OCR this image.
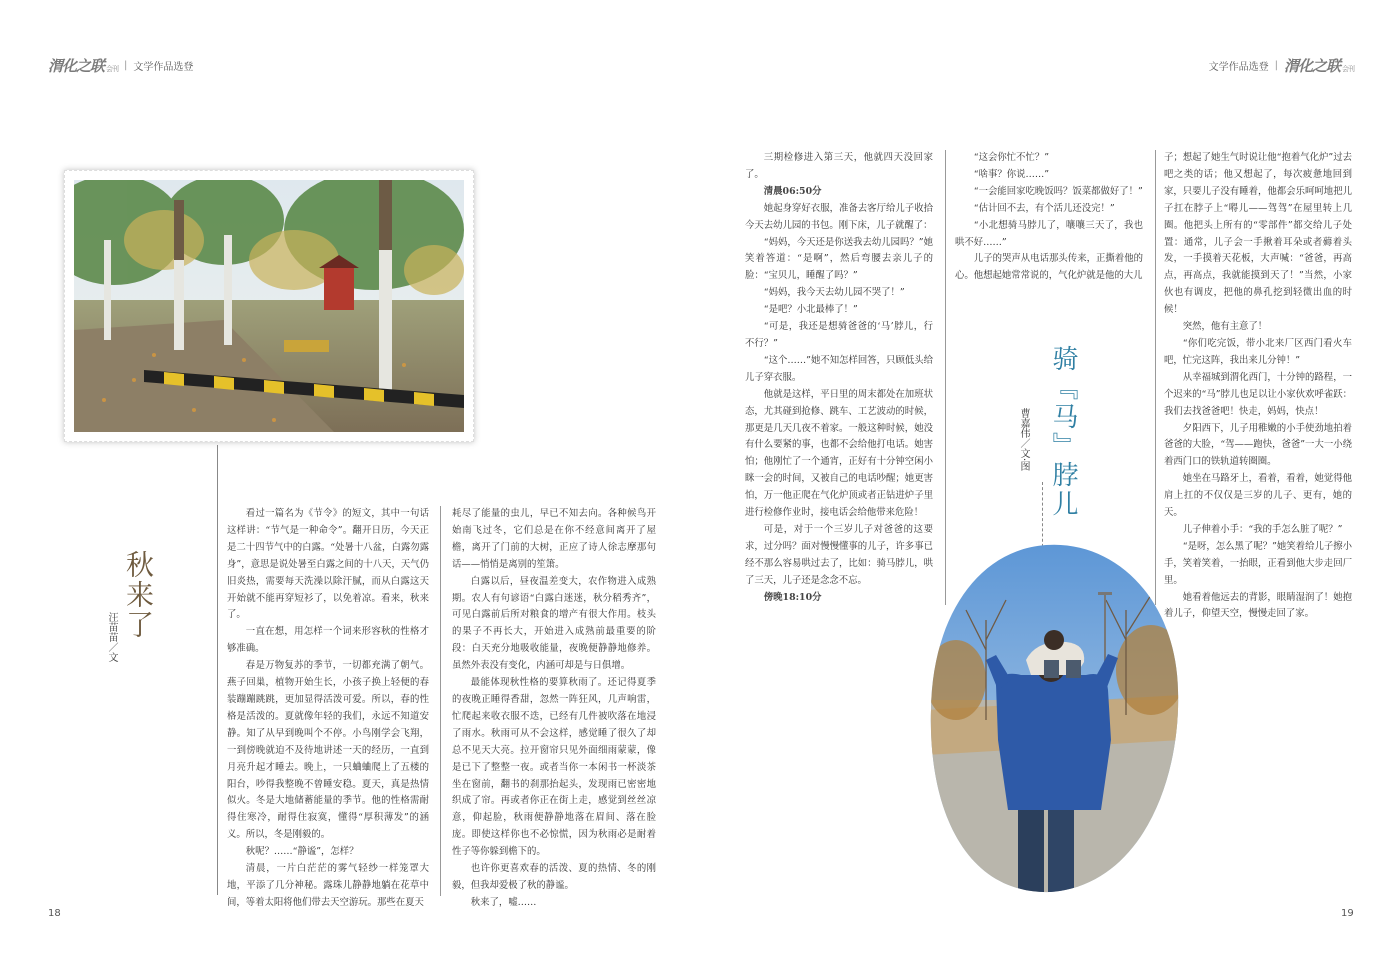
渭化之联 会刊 | 文学作品选登	文学作品选登 | 渭化之联 会刊
秋来了
汪苗苗／文

看过一篇名为《节令》的短文，其中一句话这样讲：“节气是一种命令”。翻开日历，今天正是二十四节气中的白露。“处暑十八盆，白露勿露身”，意思是说处暑至白露之间的十八天，天气仍旧炎热，需要每天洗澡以除汗腻，而从白露这天开始就不能再穿短衫了，以免着凉。看来，秋来了。

一直在想，用怎样一个词来形容秋的性格才够准确。

春是万物复苏的季节，一切都充满了朝气。燕子回巢，植物开始生长，小孩子换上轻便的春装蹦蹦跳跳，更加显得活泼可爱。所以，春的性格是活泼的。夏就像年轻的我们，永远不知道安静。知了从早到晚叫个不停。小鸟刚学会飞翔，一到傍晚就迫不及待地讲述一天的经历，一直到月亮升起才睡去。晚上，一只蛐蛐爬上了五楼的阳台，吵得我整晚不曾睡安稳。夏天，真是热情似火。冬是大地储蓄能量的季节。他的性格需耐得住寒冷，耐得住寂寞，懂得“厚积薄发”的涵义。所以，冬是刚毅的。

秋呢？……“静谧”，怎样？

清晨，一片白茫茫的雾气轻纱一样笼罩大地，平添了几分神秘。露珠儿静静地躺在花草中间，等着太阳将他们带去天空游玩。那些在夏天

耗尽了能量的虫儿，早已不知去向。各种候鸟开始南飞过冬，它们总是在你不经意间离开了屋檐，离开了门前的大树，正应了诗人徐志摩那句话——悄悄是离别的笙箫。

白露以后，昼夜温差变大，农作物进入成熟期。农人有句谚语“白露白迷迷，秋分稻秀齐”，可见白露前后所对粮食的增产有很大作用。枝头的果子不再长大，开始进入成熟前最重要的阶段：白天充分地吸收能量，夜晚便静静地修养。虽然外表没有变化，内涵可却是与日俱增。

最能体现秋性格的要算秋雨了。还记得夏季的夜晚正睡得香甜，忽然一阵狂风，几声响雷，忙爬起来收衣服不迭，已经有几件被吹落在地浸了雨水。秋雨可从不会这样，感觉睡了很久了却总不见天大亮。拉开窗帘只见外面细雨蒙蒙，像是已下了整整一夜。或者当你一本闲书一杯淡茶坐在窗前，翻书的刹那抬起头，发现雨已密密地织成了帘。再或者你正在街上走，感觉到丝丝凉意，仰起脸，秋雨便静静地落在眉间、落在脸庞。即使这样你也不必惊慌，因为秋雨必是耐着性子等你躲到檐下的。

也许你更喜欢春的活泼、夏的热情、冬的刚毅，但我却爱极了秋的静谧。

秋来了，嘘……

三期检修进入第三天，他就四天没回家了。

清晨06:50分

她起身穿好衣服，准备去客厅给儿子收拾今天去幼儿园的书包。刚下床，儿子就醒了：

“妈妈，今天还是你送我去幼儿园吗？”她笑着答道：“是啊”，然后弯腰去亲儿子的脸：“宝贝儿，睡醒了吗？”

“妈妈，我今天去幼儿园不哭了！”

“是吧？小北最棒了！”

“可是，我还是想骑爸爸的‘马’脖儿，行不行？”

“这个……”她不知怎样回答，只顾低头给儿子穿衣服。

他就是这样，平日里的周末都处在加班状态，尤其碰到抢修、跳车、工艺波动的时候，那更是几天几夜不着家。一般这种时候，她没有什么要紧的事，也都不会给他打电话。她害怕；他刚忙了一个通宵，正好有十分钟空闲小眯一会的时间，又被自己的电话吵醒；她更害怕，万一他正爬在气化炉顶或者正钻进炉子里进行检修作业时，接电话会给他带来危险！

可是，对于一个三岁儿子对爸爸的这要求，过分吗？面对慢慢懂事的儿子，许多事已经不那么容易哄过去了，比如：骑马脖儿，哄了三天，儿子还是念念不忘。

傍晚18:10分

“这会你忙不忙？”

“啥事？你说……”

“一会能回家吃晚饭吗？饭菜都做好了！”

“估计回不去，有个活儿还没完！”

“小北想骑马脖儿了，嚷嚷三天了，我也哄不好……”

儿子的哭声从电话那头传来，正撕着他的心。他想起她常常说的，气化炉就是他的大儿

骑『马』脖儿
曹嘉伟／文·图

子；想起了她生气时说让他“抱着气化炉”过去吧之类的话；他又想起了，每次疲惫地回到家，只要儿子没有睡着，他都会乐呵呵地把儿子扛在脖子上“嘚儿——驾驾”在屋里转上几圈。他把头上所有的“零部件”都交给儿子处置：通常，儿子会一手揪着耳朵或者薅着头发，一手摸着天花板，大声喊：“爸爸，再高点，再高点，我就能摸到天了！”当然，小家伙也有调皮，把他的鼻孔挖到轻微出血的时候！

突然，他有主意了！

“你们吃完饭，带小北来厂区西门看火车吧，忙完这阵，我出来儿分钟！”

从幸福城到渭化西门，十分钟的路程，一个迟来的“马”脖儿也足以让小家伙欢呼雀跃：我们去找爸爸吧！快走，妈妈，快点！

夕阳西下，儿子用稚嫩的小手使劲地拍着爸爸的大脸，“驾——跑快，爸爸”一大一小绕着西门口的铁轨道转圈圈。

她坐在马路牙上，看着，看着，她觉得他肩上扛的不仅仅是三岁的儿子、更有，她的天。

儿子伸着小手：“我的手怎么脏了呢？”

“是呀，怎么黑了呢？”她笑着给儿子擦小手，笑着笑着，一抬眼，正看到他大步走回厂里。

她看着他远去的背影，眼睛湿润了！她抱着儿子，仰望天空，慢慢走回了家。

18	19
